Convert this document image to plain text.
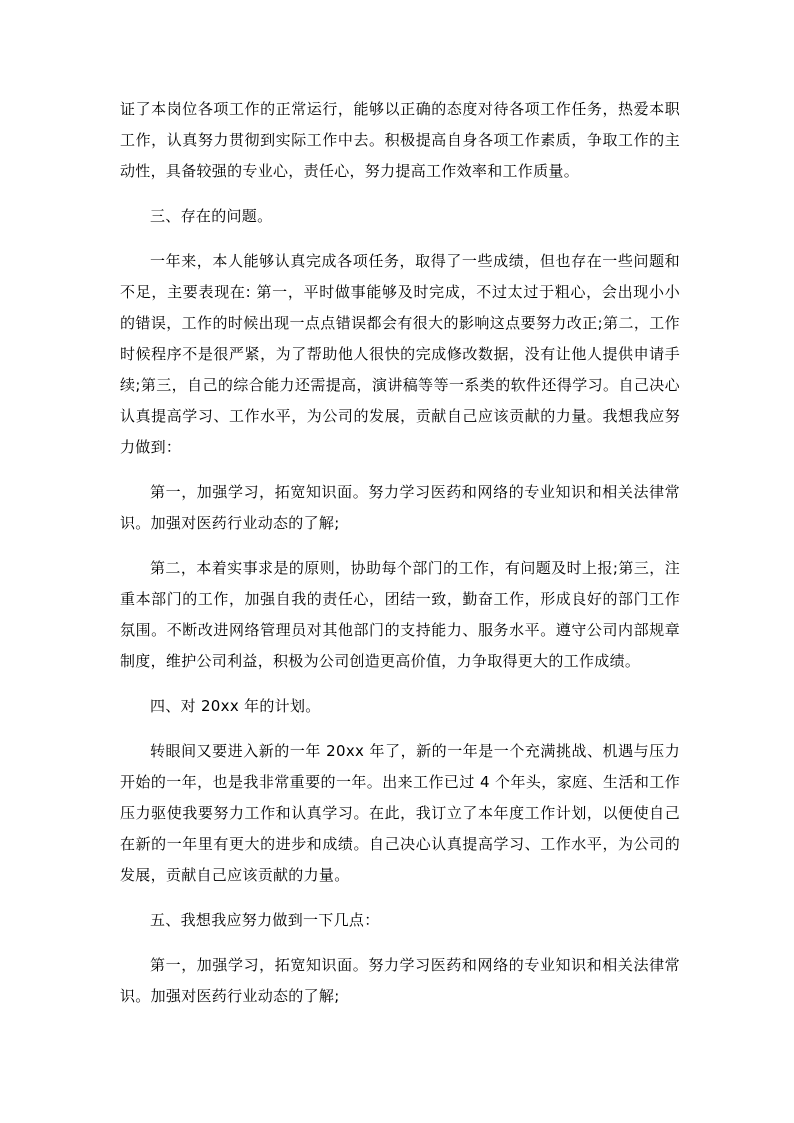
证了本岗位各项工作的正常运行，能够以正确的态度对待各项工作任务，热爱本职工作，认真努力贯彻到实际工作中去。积极提高自身各项工作素质，争取工作的主动性，具备较强的专业心，责任心，努力提高工作效率和工作质量。

三、存在的问题。

一年来，本人能够认真完成各项任务，取得了一些成绩，但也存在一些问题和不足，主要表现在: 第一，平时做事能够及时完成，不过太过于粗心，会出现小小的错误，工作的时候出现一点点错误都会有很大的影响这点要努力改正;第二，工作时候程序不是很严紧，为了帮助他人很快的完成修改数据，没有让他人提供申请手续;第三，自己的综合能力还需提高，演讲稿等等一系类的软件还得学习。自己决心认真提高学习、工作水平，为公司的发展，贡献自己应该贡献的力量。我想我应努力做到：

第一，加强学习，拓宽知识面。努力学习医药和网络的专业知识和相关法律常识。加强对医药行业动态的了解;

第二，本着实事求是的原则，协助每个部门的工作，有问题及时上报;第三，注重本部门的工作，加强自我的责任心，团结一致，勤奋工作，形成良好的部门工作氛围。不断改进网络管理员对其他部门的支持能力、服务水平。遵守公司内部规章制度，维护公司利益，积极为公司创造更高价值，力争取得更大的工作成绩。

四、对 20xx 年的计划。

转眼间又要进入新的一年 20xx 年了，新的一年是一个充满挑战、机遇与压力开始的一年，也是我非常重要的一年。出来工作已过 4 个年头，家庭、生活和工作压力驱使我要努力工作和认真学习。在此，我订立了本年度工作计划，以便使自己在新的一年里有更大的进步和成绩。自己决心认真提高学习、工作水平，为公司的发展，贡献自己应该贡献的力量。

五、我想我应努力做到一下几点：

第一，加强学习，拓宽知识面。努力学习医药和网络的专业知识和相关法律常识。加强对医药行业动态的了解;
